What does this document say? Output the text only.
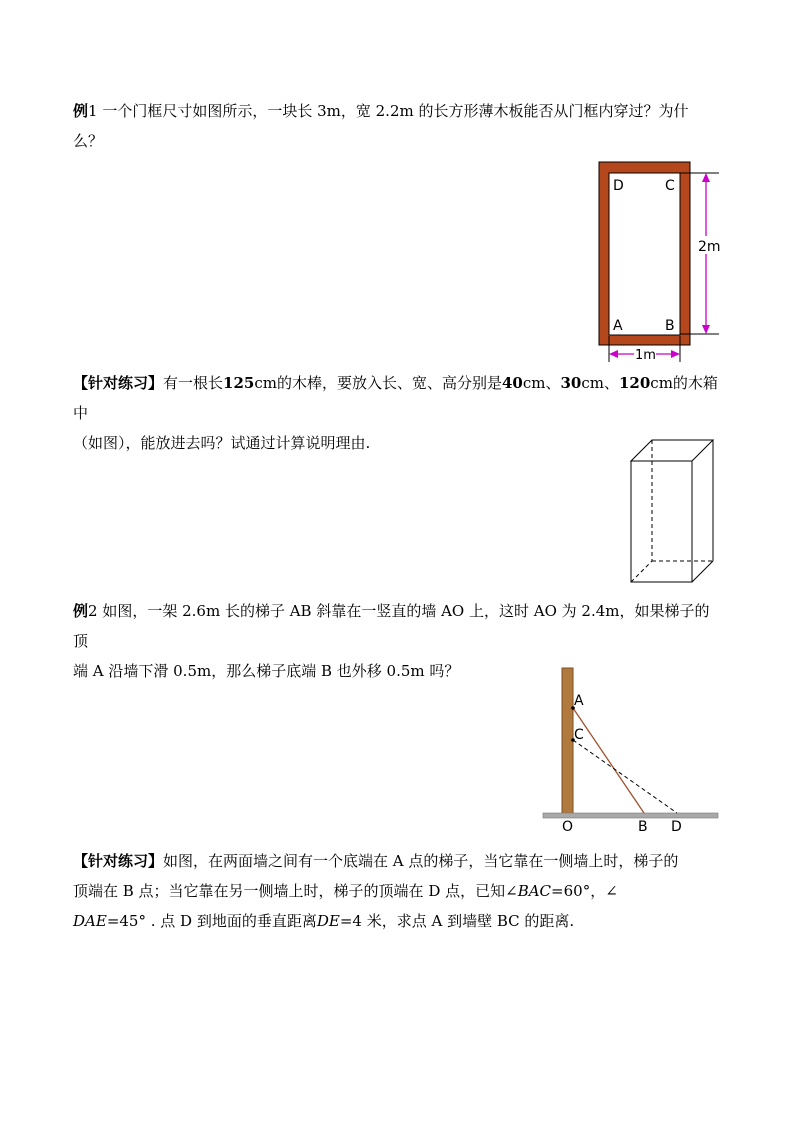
例1 一个门框尺寸如图所示，一块长 3m，宽 2.2m 的长方形薄木板能否从门框内穿过？为什
么？

D	C
A	B
2m
1m

【针对练习】有一根长125cm的木棒，要放入长、宽、高分别是40cm、30cm、120cm的木箱中
（如图），能放进去吗？试通过计算说明理由.

例2 如图，一架 2.6m 长的梯子 AB 斜靠在一竖直的墙 AO 上，这时 AO 为 2.4m，如果梯子的顶
端 A 沿墙下滑 0.5m，那么梯子底端 B 也外移 0.5m 吗？

A
C
O	B D

【针对练习】如图，在两面墙之间有一个底端在 A 点的梯子，当它靠在一侧墙上时，梯子的
顶端在 B 点；当它靠在另一侧墙上时，梯子的顶端在 D 点，已知∠BAC=60°，∠
DAE=45° . 点 D 到地面的垂直距离DE=4 米，求点 A 到墙壁 BC 的距离.
